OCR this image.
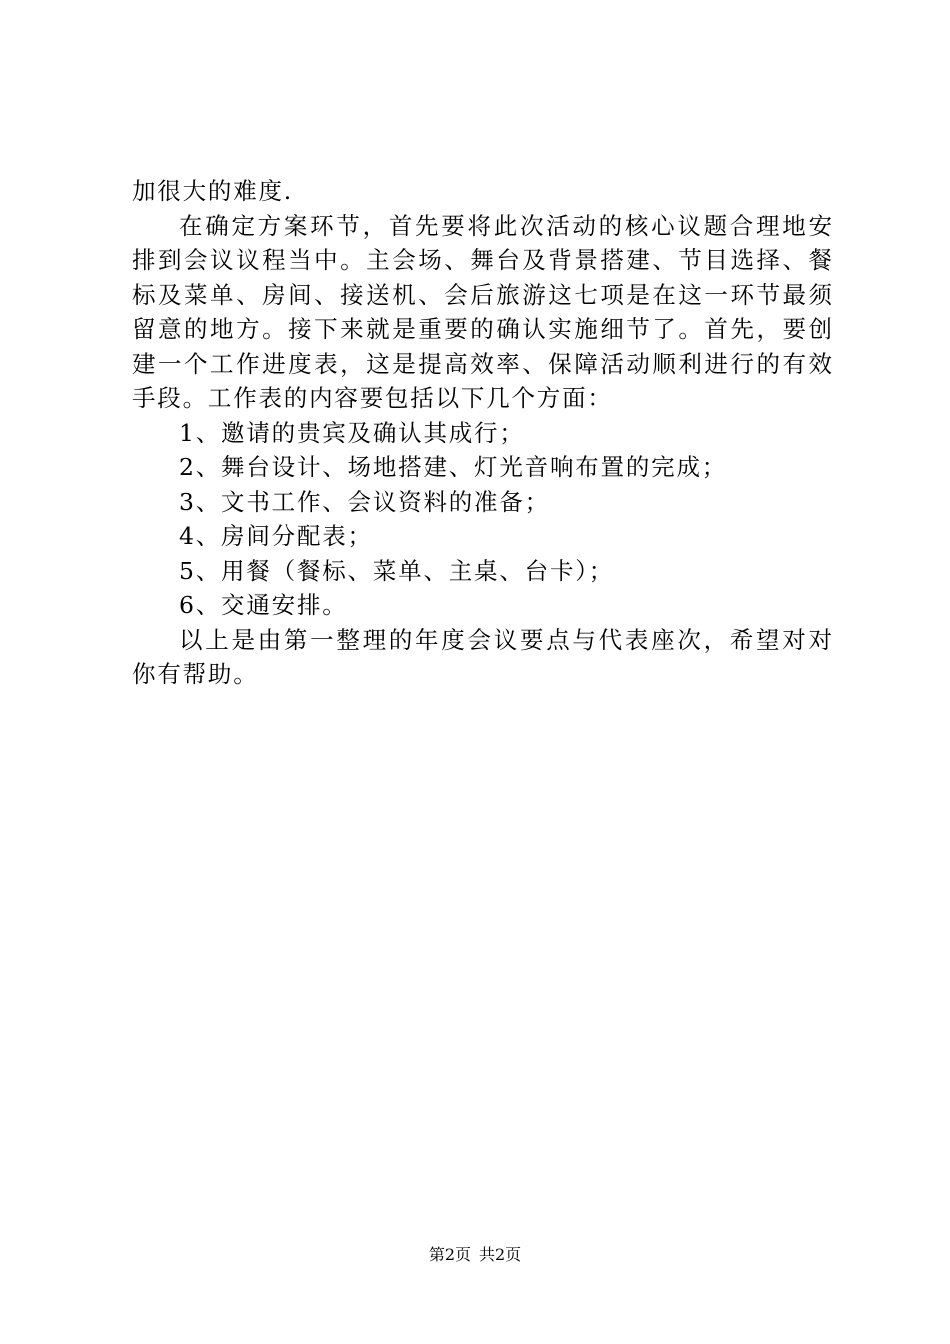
加很大的难度.
在确定方案环节，首先要将此次活动的核心议题合理地安
排到会议议程当中。主会场、舞台及背景搭建、节目选择、餐
标及菜单、房间、接送机、会后旅游这七项是在这一环节最须
留意的地方。接下来就是重要的确认实施细节了。首先，要创
建一个工作进度表，这是提高效率、保障活动顺利进行的有效
手段。工作表的内容要包括以下几个方面：
1、邀请的贵宾及确认其成行；
2、舞台设计、场地搭建、灯光音响布置的完成；
3、文书工作、会议资料的准备；
4、房间分配表；
5、用餐（餐标、菜单、主桌、台卡）；
6、交通安排。
以上是由第一整理的年度会议要点与代表座次，希望对对
你有帮助。
第2页 共2页
